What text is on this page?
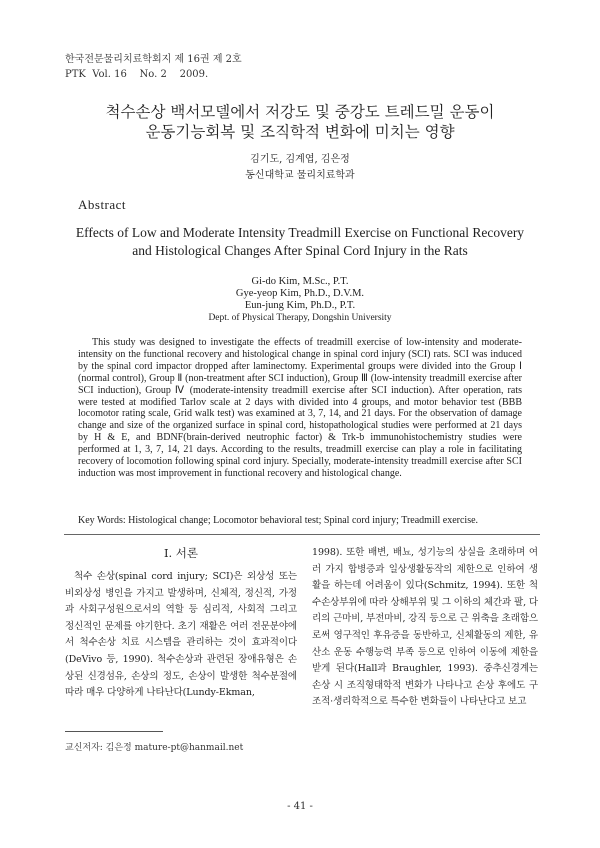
한국전문물리치료학회지 제 16권 제 2호
PTK  Vol. 16    No. 2    2009.
척수손상 백서모델에서 저강도 및 중강도 트레드밀 운동이
운동기능회복 및 조직학적 변화에 미치는 영향
김기도, 김계엽, 김은정
동신대학교 물리치료학과
Abstract
Effects of Low and Moderate Intensity Treadmill Exercise on Functional Recovery
and Histological Changes After Spinal Cord Injury in the Rats
Gi-do Kim, M.Sc., P.T.
Gye-yeop Kim, Ph.D., D.V.M.
Eun-jung Kim, Ph.D., P.T.
Dept. of Physical Therapy, Dongshin University

This study was designed to investigate the effects of treadmill exercise of low-intensity and moderate-intensity on the functional recovery and histological change in spinal cord injury (SCI) rats. SCI was induced by the spinal cord impactor dropped after laminectomy. Experimental groups were divided into the Group Ⅰ (normal control), Group Ⅱ (non-treatment after SCI induction), Group Ⅲ (low-intensity treadmill exercise after SCI induction), Group Ⅳ (moderate-intensity treadmill exercise after SCI induction). After operation, rats were tested at modified Tarlov scale at 2 days with divided into 4 groups, and motor behavior test (BBB locomotor rating scale, Grid walk test) was examined at 3, 7, 14, and 21 days. For the observation of damage change and size of the organized surface in spinal cord, histopathological studies were performed at 21 days by H & E, and BDNF(brain-derived neutrophic factor) & Trk-b immunohistochemistry studies were performed at 1, 3, 7, 14, 21 days. According to the results, treadmill exercise can play a role in facilitating recovery of locomotion following spinal cord injury. Specially, moderate-intensity treadmill exercise after SCI induction was most improvement in functional recovery and histological change.

Key Words: Histological change; Locomotor behavioral test; Spinal cord injury; Treadmill exercise.
Ⅰ. 서론

척수 손상(spinal cord injury; SCI)은 외상성 또는 비외상성 병인을 가지고 발생하며, 신체적, 정신적, 가정과 사회구성원으로서의 역할 등 심리적, 사회적 그리고 정신적인 문제를 야기한다. 초기 재활은 여러 전문분야에서 척수손상 치료 시스템을 관리하는 것이 효과적이다(DeVivo 등, 1990). 척수손상과 관련된 장애유형은 손상된 신경섬유, 손상의 정도, 손상이 발생한 척수분절에 따라 매우 다양하게 나타난다(Lundy-Ekman,

1998). 또한 배변, 배뇨, 성기능의 상실을 초래하며 여러 가지 합병증과 일상생활동작의 제한으로 인하여 생활을 하는데 어려움이 있다(Schmitz, 1994). 또한 척수손상부위에 따라 상해부위 및 그 이하의 체간과 팔, 다리의 근마비, 부전마비, 강직 등으로 근 위축을 초래함으로써 영구적인 후유증을 동반하고, 신체활동의 제한, 유산소 운동 수행능력 부족 등으로 인하여 이동에 제한을 받게 된다(Hall과 Braughler, 1993). 중추신경계는 손상 시 조직형태학적 변화가 나타나고 손상 후에도 구조적·생리학적으로 특수한 변화들이 나타난다고 보고

교신저자: 김은정 mature-pt@hanmail.net
- 41 -
